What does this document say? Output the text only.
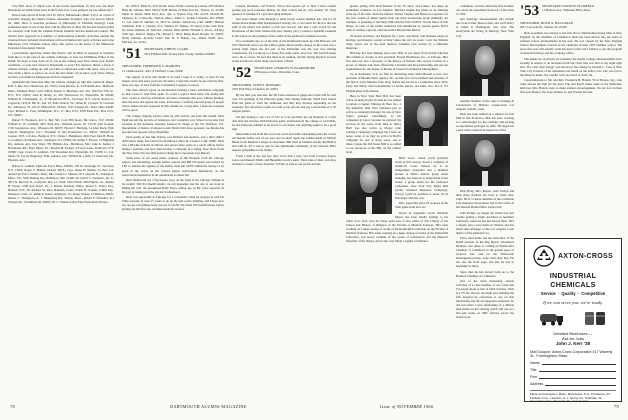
City Hall, most of which were in the frozen department. In 'just now the Pearl Restaurant on Tenth Street wear in the frozen-fore, I was pumped, he was almost shy?

Dave Lusk reports in from 2114 W. Drive, Minnetonka, Minn. 55311 on a host of activities: keeping his father's brother, Alexander Stoddard, who was born in March 26, 1964. Dave is associate professor of philosophy of Christian theology. Lusk, nominated dean of one of the best, will be effective in June. He has had several grants for research, both from the Lehman Federal Institute and the American Council. His articles have appeared in a number of philosophical journals. Activities outside the classroom have included involvement with local Democratic party activities and in the Minnesota Civil Liberties Union. Dave also serves on the board of the Minnesota Unitarian Universalist Church.

I particularly appreciate letters like Dave's, and in either in response to inquiries from me or, in the case of our column colleague, as does Joe McMahan, Editor of the DAM. We hope to hear from all of you in the coming year. How about your former roommate, or your best friend at Dartmouth or your? For instance, there's a flock of address changes coming up, and we'd like to abbreviate some with news. Any of you who made a move or plan to do so in the next future, let us know your latest address and how you think the Indigenous and how happened.

Alphabetically listed this time, the address changes go like this: James M. Baker, R.D. 5, Box 261, Uniontown, Pa. 15401; Clem Benton, Jr., 54 Franklin Ave., Medford, Mass.; Madison Field, Calif. 94025; Robert S. Bowman, Apt. 516, 700 East 77th St., N.Y., N.Y. 10021; John R. Brady, Jr., 410 Thornwood St., Naperville, Ill. 60540; William R. Christopher, Jr., 27 Brookview Blvd., Syracuse, N.Y. 13214; Robert G. Cogswell, 1410 N. 8th St., Apt. 10, Falls Church, Va.; James H. Crowell, 31 Crescent Dr., Albertson, Va. 23112; Malcolm R. Decker, 1325 Colgate Dr., Kent, Ohio 44240; Capt. Richard C. Foss, Washington, D.C. 17, Box 2151, USN Fleet P.O., Box 2151, S.F., 96601.

Robert F. Ferguson, 410 L. Box 59I, Cove Hill Road, Mt. Kisco, N.Y. 10549; William E. W. Gombell, 4071 Park Ave., Oakland Grove, Ill. 15179; Sam Gongol, 1765 Greenacres, Ave., Wheaton, Ill. 60187; Harold J. Hedberg, 14 Glen Rock, Falls Church, Washington, D.C.; President of Sun Production Co. 94037; William R. Greene, 58 E. 110 Ave., Bedford, N.Y.; James J. Heikkinen, 4641 Poet John B. Horn, c/o Lambert, 94 Mount Ave., Westfield, N.J. 07090; Dr. Arthur J. Howes, 74 Highland Rd., Auburn, Ala.; Kay Ward, 781 Hillside Ave., Baltimore, Md.; John K. Keller, 2 Hawthorne Rd., Bryn Mawr, Pa.; Ronald M. Kempf, 4 Forest Lane, Yorktown, N.Y. 10598; Capt. Lewis E. Lambert, 136 Woodland Rd., Pittsburgh, Pa. 15238; Lt. Col. James W. Lavall, Ridgeway Trail, Auburn, Ala.; William R. Lamb, 12 Clearview Dr., Phoenix, Ariz.

Robert E. Leikind, Eglin Air Force Base, AFERS, 103 W. Glenridge St., Syracuse, N.Y. 13203; Roger V. Mather, Detroit, Mich.; Capt. James H. Munns, Jr., Box 113, Arnold Air Force Station, Tenn.; Mrs. Gerald C. Musson, 97 Lafayette St., Lexington, Mass.; Pvt. 3250 Rolling Rd., Baltimore, Md. 21208; Dr. David L. Nettleton, Dr. Jr., 3815 N. Morrow St., Lafayette, Ind.; Lt. Cmdr. John O'Neil, 34th Fighter, Ga.; Robert H. Payne, 4109 Ash Street, Ill.; J. Robert Peterson, Phila.; Robert L. Rand, Esq., Hudson, N.Y.; Dr. Richard M. Rice, Hamden, Conn.; Frank W. Schafer, 6 Mill Ave., Westport, Conn.; Lt. Ralph P. Seeley, Arlington, Va.; Roger Stokes, 14 Hudson, Mich.; Robert C. Thompson, Jr., 1 Hampshire Rd., Natick, Mass.; Robert P. Whitaker, 311 Wingate Dr., Northfield, Ill. 60093; Dr. G. Wilson Sabol, Pine Farm Road, Bolton.

lat, 1030 S. Main St., Fort Worth, Texas 76104; Gordon R. Lemon, 4703 Balboa Hills Dr., Omaha, Nebr. 68114; W.H. Marsh, 22 Blue Tree Dr., Vienna, Va. 22180; James K. Ryder, 9600 Perry Ave., Apt. 4, Kansas City, Mo. 64133; Donald M. Simpson, Jr., 5 West Dr., Weston, Mass.; James C. Swink, Lafayette, Ind. 47904; Lt. Col. John W. Skinner, Jr., 3012 W. Adams, Sunnyvale, Calif. 94087; Herbert Schneider, R.D. 1, Chester, N.J.; Wallace W. Walker, 70 Surrey Lane, Oak Park, Ill.; Dean Watkins, 41 Wolf Rd., Oxford, Ohio 45056; William S. Wood, 118 Bay Villa Apt., Oxford, Tampa, Fla.; Robert L. Wray, Ridge Road, Roslyn, Va. 23070; Wally Johnson, Arcadia, Calif.; Ens. H. F. Hunter, Ga.; Walter Wolff, Ave., McLean, Va. 22101.

'51 SECRETARY, JOHN B. CLARK
5017 Fiddlers Path, Tyrone Path, Crosby, Stamford 06903
TREASURER, FREDERICK S. MAHONY
15 Clambrook Dr., R.D. 4, Fairfield, Conn. 06430

The supply of news this month is so brief I hope it is really, at least it's the largest we've had since your new Secretary, I trust this doesn't in one with the first-three-two-ago, at least from the Continental Congress to report.

The class officers report on the Reunion funding a news solicitation campaign so that I have to lead West again. To avoid a typical ritual letter, I'm stating this once. I plan to send up solicitation and news campaign this year, without funding, then ask news that appear the Class. Following a carefully selected group of people whose names haven't appeared in this column for a long time. I hope the response will be good.

The college clipping service came up with exactly one item this month. Dick Pugh has left the practice of Anderson, and Columbia Law School to become first assistant to the Assistant Attorney General in charge of the Tax Division, U.S. Department of Justice. If anyone would Dick's field more personal, Joe Mecke has become best reporter today, Hopefully.

Each spring of just like Nantes, was Richard and Andrew, and a third child I didn't know them, have moved from Illinois to Box 42, Cassirer, Calif. 92001. Dick was a Blackie Scholar at Oxford and served three years in a naval officer before taking a position, and now dunn teacher a company in Corning, New York. From the New York City law firm before joining the Corporation Law Bureau.

Some more of our usual items, courtesy of Jim Bernard, from the Chicago papers: and interesting, enough stories, reports that Bill O'Connell was invited by LBJ to witness the signing of the Indian trade bill which authorizes money to be spent in the towns on the various Indian reservations themselves, on the reservations themselves in the automobile accident bill.

Dick Wentworth got a big feature story on the front of the Chicago Tribune in its weekly 'Old Pal Roebl'column,' an old magazine and the site is out front in Riding the Carl, the prestigious Daily News, telling ago, in Mr. Jones reported on his part of taking up in the electric brotherhood.

Dick was apparently in Chicago for a convention when he stopped to visit his Tribe reporter: 'It took 1½ years to do up the unit you're building, and I hope now we can get everything ready, but not for $150. We made 100 modifications before putting out the first one, and then made the second.

Canada, Bermuda, and Florida. We've had reports yet to find: I have trouble getting any good response, Buddy. As other writers tell us, why another '45. Only question is whether it's a graceful aging hobbyist.

Our Great Island came through to some lovely coastal summer Alp, and for 35 Jennie-Down Dunk outfit headquartered in Italy. No, I can vouch for the fact that the staff of the island was perfect (1,350 foot resort!). Just that I can't vouch for the Doorhouse of the some Wentworth, new Sunday (sic); I passed a splendid weekend at the school on the premises of the cradle of the promoter's business on tours.

Two weekends ago so of the time of the Dartmouth bunch up with Hanover and Tom Wardwell and to see the Clifton game. Most notable change on the scene was a paving fight where the old part of the Fairbanks was the way fast. During construction, it's a walk-up to a Snoot five some yards away fast. The football game was a bit of a hoot. It's fact that there is no reunion, and the Spring Room is located in the downtown, Tom's many new hotels, a Hand.

'52 SECRETARY, CHARLES W. BLAKEMORE
338 Kenwood Ave., Riverside, Conn.
TREASURER, LYNN S. HOWARD
2107 Park Place, Evanston, Ill. 60201

By the time you read this, the '66 Class reunions of gangs and cairns will be well over. I'm speaking of the Princeton game, this coming Saturday. You'll have tickets from the game or from the clubhouse and they may develop depending on the weekend. Two first-floor rooms we want to lay out one and say a swell time of a '52 tailgate parties.

I'm also hoping to see a lot of 52's as I can probably get our Reunion at a later date after the October 26th Princeton game. Unfortunately the college or we'll Mall, for the Princeton Alumni to be drawn to our house, but anything ought to be a good sign.

Meanwhile back from the race front we've had some outstanding notes his closed our Renure before one of our own and we must report the sudden death of Wilfred Baum in the Medical College of Guarantee. Bill lived in Summit and his dau Beth is still with us. It's a sorrow also for the Dartmouth community of the beloved, Bill's deepest sympathies to his family.

From a mail at the last few days we've had a nice card from Leonard Sagan, Lance and Russell Smith, and Benjamin Lewis's team. Their tales of their own days included a couple of trips from the '52 Fall; as well as our recent arrivals.

greater pitting with Wolf Mosher of the TV show 'Art Linker,' has taken up permanent residence in Los Angeles. Michael Anglin has given us an amusing write-up of his time, from the famous Stanley Wapner and Burton is reported, for the first couple of dinner guests from our most unwelcome group (himself). An example, is speaking of the Harry Hill with the YOU DON'T. On the Moor' in San Diego. In view of the earlier audiences that munificent by special guests, Bob's odds of writing a special collection titled 'Beyond the Mirror.'

'In honest Germany and England for a year,' says Bark, 'and business keeps us moving, and musical concert activity where the lot's an event. I saw the Wallack ridge, below one of the most musical comedies ever written by a bullsnake musician.'

Bill Kay has been making news now. Bill, as you know from facing followed this column so closely, is vice president. Frozen Warehouse, Inc., of Chicago. He's also just now also a governor of the history of Tibanet. The society consists of a group of citizens who have offered the Canadian and Stop Fellowship and test the requirements for the degree of Master of Science in Industrial Management.

Up in Rochester, N.Y. we find an interesting item. Ward Howell is now vice president of Mackie-Shaw Agency, Inc. and the new vice president and secretary of the firm is Larry Mueller. Fine, Reg. Seattle has served as a committee since 1959, Larry and Marty, with Grandmother 12 bottle, eleven, and Anne, also, live at 115 Pelham Road in Rochester.

Here in New York Herb Bolt has been active on many fronts. In June he was named a partner at Auten, Winston & Shea Inc., a big industrial firm. He's remained just as active as campaign manager for one of New York's younger councilmen, as his colleagues (I know because he enlisted my services in the cause from time to time.) Herb was also active as Mayor John Lindsay's campaign campaign but I have no notes, some of us may be active in Herb's campaign for one of those years, and at times I guess the Old Stone Mill is so added to our resources on the Hill, on the cabinet level.

Herb Lever, whom you'll probably recall as Ed's lawyer, heads a company of Stamford, Conn. Indeed, he is an independent researcher and a multiple partner of Herb's interior group under manager, has been up to being made Scout leader, a group under for the insurance companies, New York City Rapid Rail (Acme Standard Insurance Company). Tracey, you'll be gratified to know it's in fine shape with the cost.

Bart, especially since I'll be more of the York game from now on!

Down in Argentina Jacob Marshall Moyer has been finally tending to his cellar crew. Jack, who for many years now is also editor of The Library of the School and History of Religion of the Faculty of Medical Sciences. He's been working on a huge catalog of works of the Rothschild Collection on the Faculty of Medical Sciences. He's been working on a huge catalog of works of the Rothschild Collection, was heavy volumes of the works of well-known and the Hanover fraternity of the library, and is also very likely a regular contributor.

committee,' and has edited the first booklet, one about the expedition from top of the Class of 1952.

Our marriage announcement this month, one from former Boston man, and we'll marry at winter at Washington, now Ariz. The newlyweds are living in Rahway, New York City.

Another member of the class is working in Connecticut of Barbara Connecticut, Lis Angeles. Saddle, Conn.

Dick has been named as a student for that firm in San Francisco. Bob has been working as a seismologist for the company and serving as specialized geologist in 1962. He began his career with Connecticut General in 1954.

Dick Hoeg, Mrs. Brown, wife Evelyn and their three children are back at Santa Ana, Calif. He is a charter member of the California Life Insurance Association and is also active in the Western Home Office Lions Club.

John Farmer, no longer the stands! has just trouble getting a flight anywhere in Southern California, where he has just moved there. He's a deputy (on) a new home in Ventura and has made sales manager of the Los Angeles Coast district of the Insurance Co.

Ferra, their home and the sixth-floor of the DAM pictures in the Big Brook, Woodlawn Brothers. Our photo is coming on Warmcraft's Chamber of Commerce in the garden spots of Jackson, Mo. and on the Wentworth kindergarten section, Lane, Don, Ray, Ray. He has also the front page, and also he had to hopefully be there.

Since then he has moved from on to the Houston Chamber of Commerce.

One of the most interesting current activities of a class member of our Class that I've heard about is that of Dick Swicker. Dick is a TV Dr. director and right now building the first hospital he conceived to say on that fundraising and the air supporters endorsed. So old cure that's a new fundraising of a million man dollars in the viewing which will run as a five-part series on ABC stations across the nation soon.

'53 SECRETARY, DAVID H. FLORENCE
11 Brokow Ave., Wellesley Hills, Mass.
TREASURER, BOYD A. HALLORAN
2617 Corcoran Dr., Vienna, Va. 22180

Dick Goodman was elected to the first list of 'Outstanding Young Men of New England' by the Chamber of Commerce. Dick has been thrown into the arena of national school developments in his area. He was chosen by the New England School Development Council as the chairman of their 1967 member school. The prose this year will eagerly await his most recent, but I believe to get the program of Arizona's history and the company office.

The names we recall just yet presented the month College announcements have recently in answer of an invitation from our Class who was first of any sight right now. The class Tom Twigg" was elected to the college by Donald C. Case of New York City in honor of his retirement, his fourth on the ballot, now who was lost to the Hanover home. We couldn't wait one down of Tom's all.

Congratulations to Mr. and Mrs. Frederick H. Hanick '50 of Boston, Ky., who came aboard the ship for the great Trip and they'll make some of the memories, held fast. Mrs. Hanick went to make student encouragement. We are now in their first-year Boston. We hope all their Lo and Friends the best.

AXTON-CROSS
INDUSTRIAL CHEMICALS
Service · Quality · Competitive
If we can serve you, we're ready.
Detailed Brochures —
Ask for Jobs
John J. Kerr '38
Mail Coupon: Axton-Cross Corporation 417 Waverly St., Framingham, Mass.
Name
Title
Firm
Address
Plants at Framingham, Mass.; Manchester, N.H.; Providence, R.I.; Fairfield, Conn.; Hoboken, N.J.; Spring, Pa.; Nashville, Va.; Greensboro, N.C.; Riverside, Fla. and Honolulu
78	DARTMOUTH ALUMNI MAGAZINE	Issue of NOVEMBER 1966	79
